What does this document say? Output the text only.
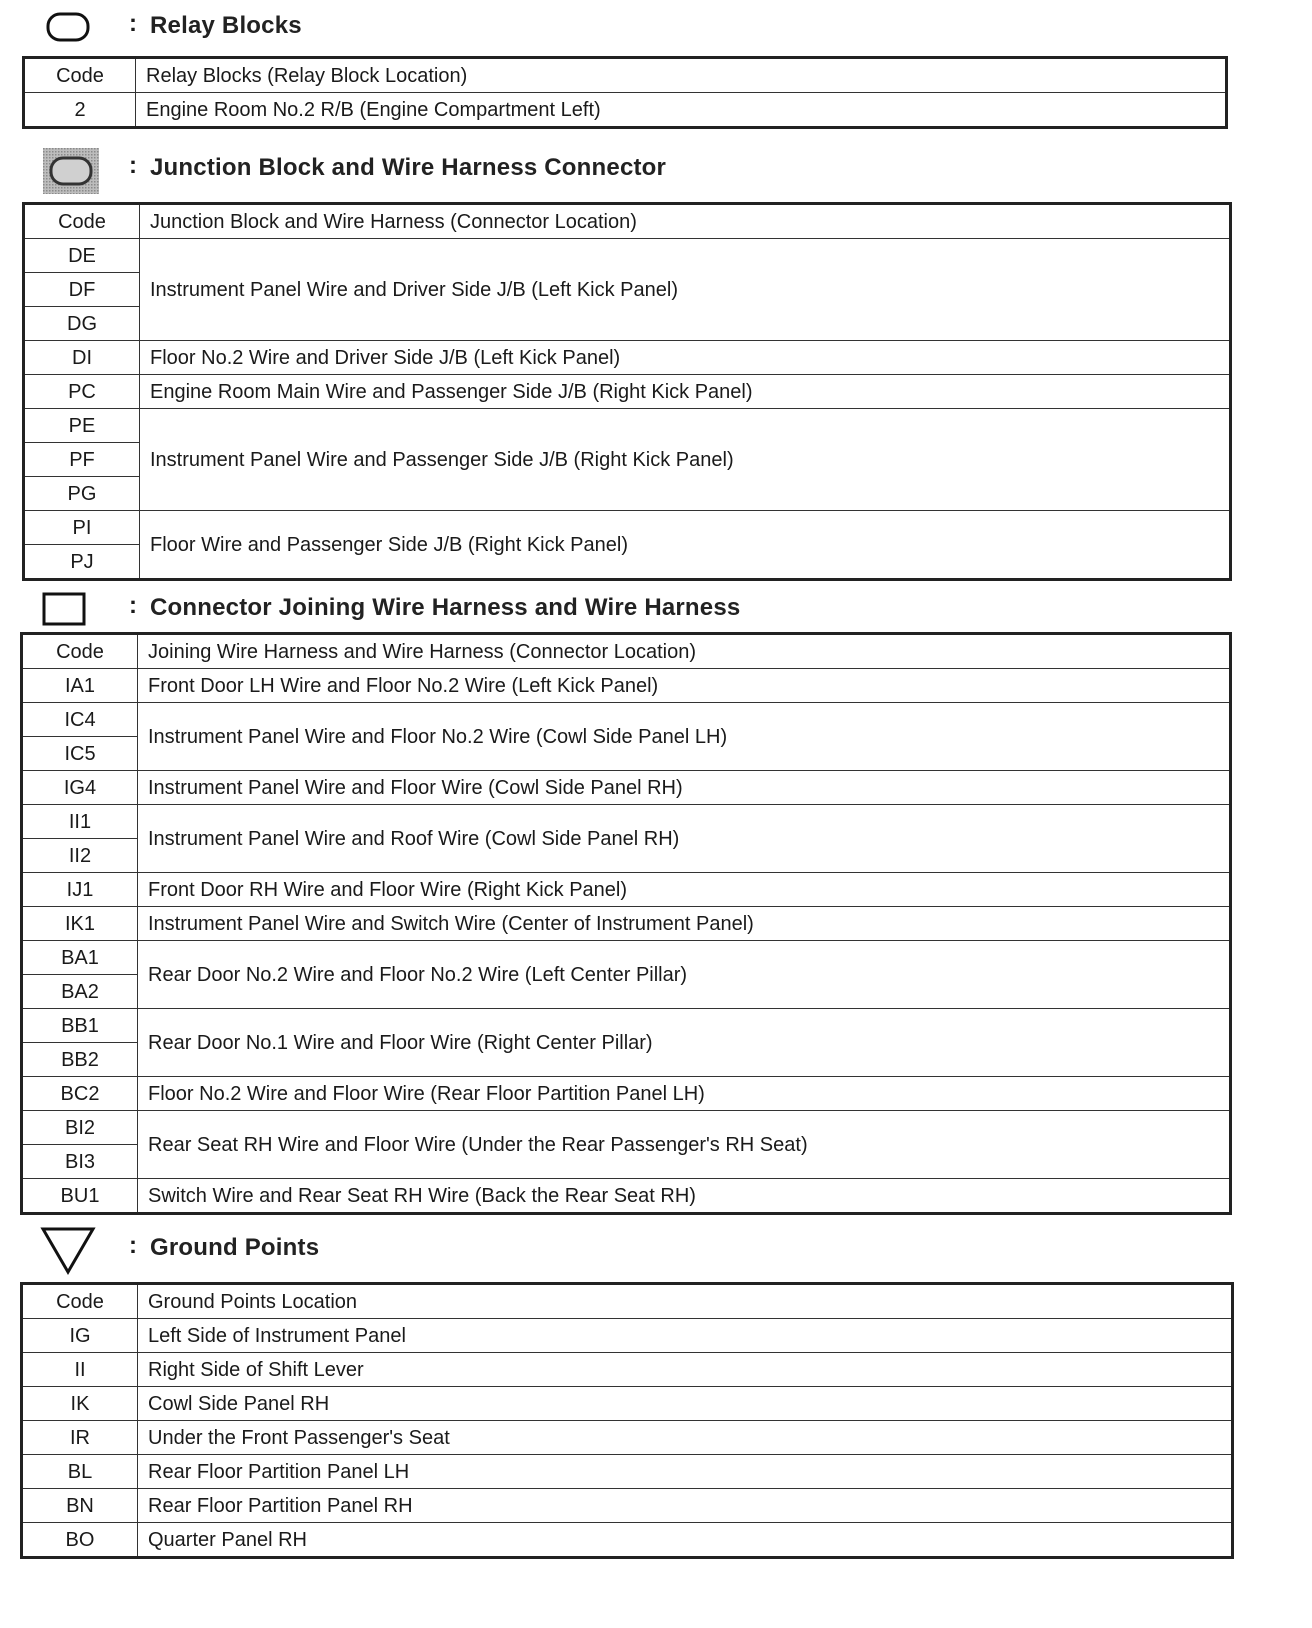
: Relay Blocks
Code	Relay Blocks (Relay Block Location)
2	Engine Room No.2 R/B (Engine Compartment Left)
: Junction Block and Wire Harness Connector
Code	Junction Block and Wire Harness (Connector Location)
DE	Instrument Panel Wire and Driver Side J/B (Left Kick Panel)
DF	
DG	
DI	Floor No.2 Wire and Driver Side J/B (Left Kick Panel)
PC	Engine Room Main Wire and Passenger Side J/B (Right Kick Panel)
PE	Instrument Panel Wire and Passenger Side J/B (Right Kick Panel)
PF	
PG	
PI	Floor Wire and Passenger Side J/B (Right Kick Panel)
PJ	
: Connector Joining Wire Harness and Wire Harness
Code	Joining Wire Harness and Wire Harness (Connector Location)
IA1	Front Door LH Wire and Floor No.2 Wire (Left Kick Panel)
IC4	Instrument Panel Wire and Floor No.2 Wire (Cowl Side Panel LH)
IC5	
IG4	Instrument Panel Wire and Floor Wire (Cowl Side Panel RH)
II1	Instrument Panel Wire and Roof Wire (Cowl Side Panel RH)
II2	
IJ1	Front Door RH Wire and Floor Wire (Right Kick Panel)
IK1	Instrument Panel Wire and Switch Wire (Center of Instrument Panel)
BA1	Rear Door No.2 Wire and Floor No.2 Wire (Left Center Pillar)
BA2	
BB1	Rear Door No.1 Wire and Floor Wire (Right Center Pillar)
BB2	
BC2	Floor No.2 Wire and Floor Wire (Rear Floor Partition Panel LH)
BI2	Rear Seat RH Wire and Floor Wire (Under the Rear Passenger's RH Seat)
BI3	
BU1	Switch Wire and Rear Seat RH Wire (Back the Rear Seat RH)
: Ground Points
Code	Ground Points Location
IG	Left Side of Instrument Panel
II	Right Side of Shift Lever
IK	Cowl Side Panel RH
IR	Under the Front Passenger's Seat
BL	Rear Floor Partition Panel LH
BN	Rear Floor Partition Panel RH
BO	Quarter Panel RH
